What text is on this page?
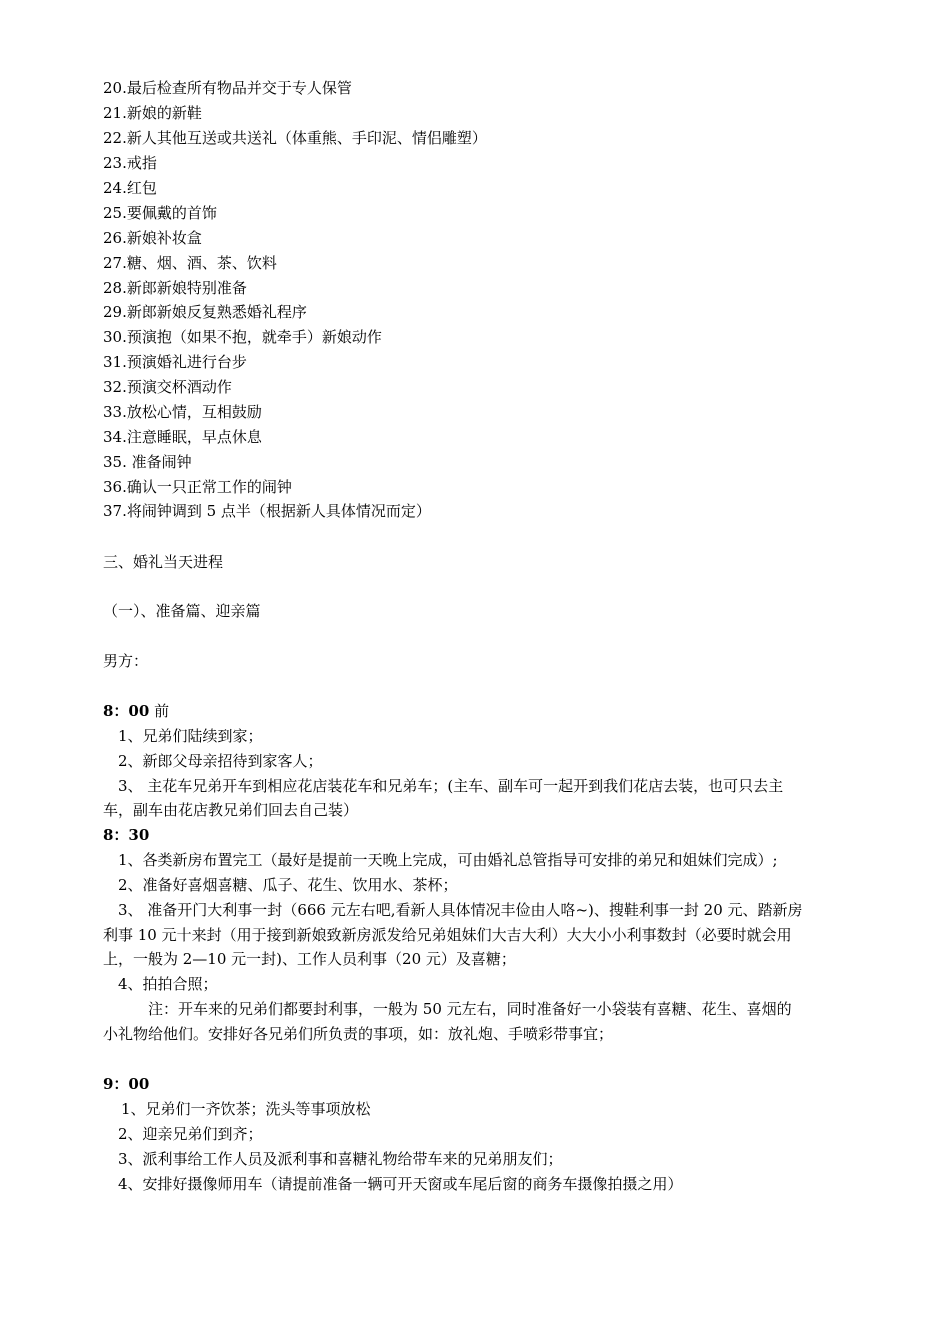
20.最后检查所有物品并交于专人保管
21.新娘的新鞋
22.新人其他互送或共送礼（体重熊、手印泥、情侣雕塑）
23.戒指
24.红包
25.要佩戴的首饰
26.新娘补妆盒
27.糖、烟、酒、茶、饮料
28.新郎新娘特别准备
29.新郎新娘反复熟悉婚礼程序
30.预演抱（如果不抱，就牵手）新娘动作
31.预演婚礼进行台步
32.预演交杯酒动作
33.放松心情，互相鼓励
34.注意睡眠，早点休息
35. 准备闹钟
36.确认一只正常工作的闹钟
37.将闹钟调到 5 点半（根据新人具体情况而定）
三、婚礼当天进程
（一）、准备篇、迎亲篇
男方：
8：00 前
1、兄弟们陆续到家；
2、新郎父母亲招待到家客人；
3、 主花车兄弟开车到相应花店装花车和兄弟车；(主车、副车可一起开到我们花店去装，也可只去主
车，副车由花店教兄弟们回去自己装）
8：30
1、各类新房布置完工（最好是提前一天晚上完成，可由婚礼总管指导可安排的弟兄和姐妹们完成）;
2、准备好喜烟喜糖、瓜子、花生、饮用水、茶杯；
3、 准备开门大利事一封（666 元左右吧,看新人具体情况丰俭由人咯~)、搜鞋利事一封 20 元、踏新房
利事 10 元十来封（用于接到新娘致新房派发给兄弟姐妹们大吉大利）大大小小利事数封（必要时就会用
上，一般为 2—10 元一封)、工作人员利事（20 元）及喜糖；
4、拍拍合照；
注：开车来的兄弟们都要封利事，一般为 50 元左右，同时准备好一小袋装有喜糖、花生、喜烟的
小礼物给他们。安排好各兄弟们所负责的事项，如：放礼炮、手喷彩带事宜；
9：00
1、兄弟们一齐饮茶；洗头等事项放松
2、迎亲兄弟们到齐；
3、派利事给工作人员及派利事和喜糖礼物给带车来的兄弟朋友们；
4、安排好摄像师用车（请提前准备一辆可开天窗或车尾后窗的商务车摄像拍摄之用）
